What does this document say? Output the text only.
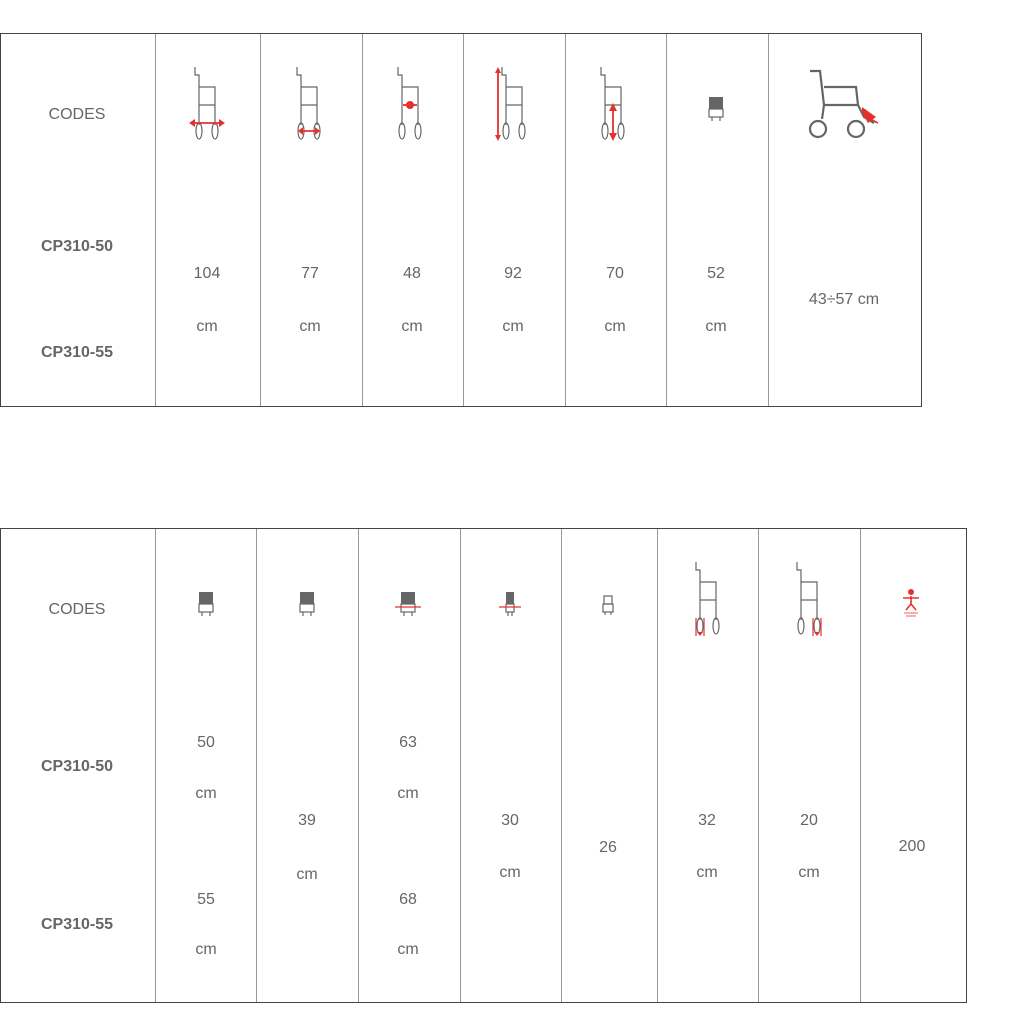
CODES
CP310-50
CP310-55
104
cm
77
cm
48
cm
92
cm
70
cm
52
cm
43÷57 cm
CODES
CP310-50
CP310-55
50
cm
55
cm
39
cm
63
cm
68
cm
30
cm
26
32
cm
20
cm
200
